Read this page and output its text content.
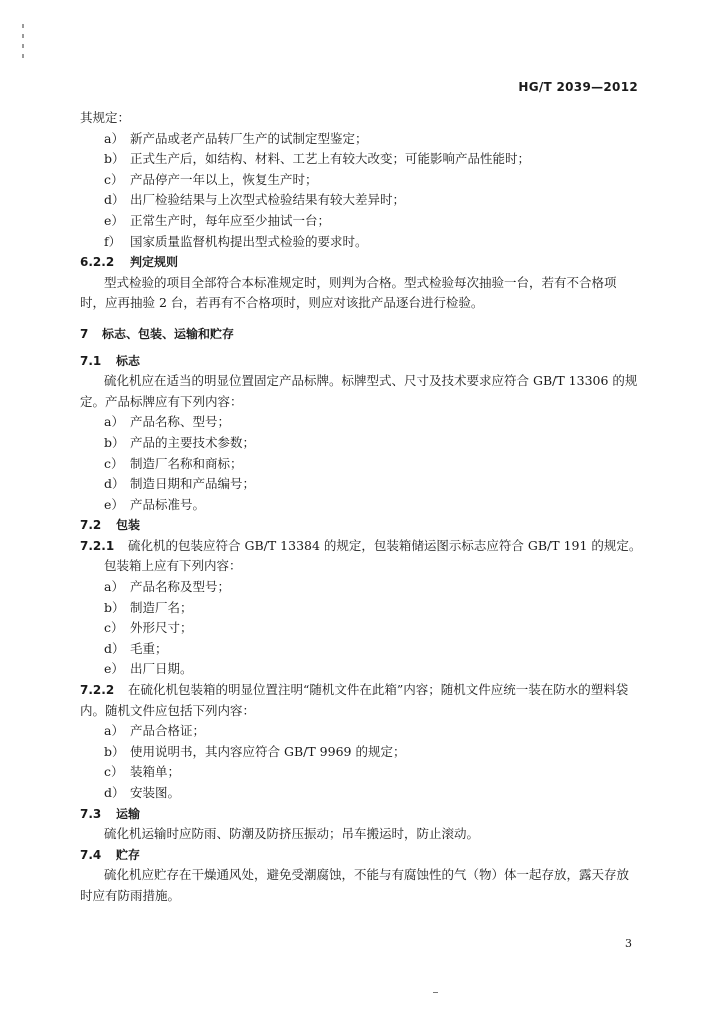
HG/T 2039—2012
其规定：
a） 新产品或老产品转厂生产的试制定型鉴定；
b） 正式生产后，如结构、材料、工艺上有较大改变；可能影响产品性能时；
c） 产品停产一年以上，恢复生产时；
d） 出厂检验结果与上次型式检验结果有较大差异时；
e） 正常生产时，每年应至少抽试一台；
f） 国家质量监督机构提出型式检验的要求时。
6.2.2 判定规则
型式检验的项目全部符合本标准规定时，则判为合格。型式检验每次抽验一台，若有不合格项时，应再抽验 2 台，若再有不合格项时，则应对该批产品逐台进行检验。
7 标志、包装、运输和贮存
7.1 标志
硫化机应在适当的明显位置固定产品标牌。标牌型式、尺寸及技术要求应符合 GB/T 13306 的规定。产品标牌应有下列内容：
a） 产品名称、型号；
b） 产品的主要技术参数；
c） 制造厂名称和商标；
d） 制造日期和产品编号；
e） 产品标准号。
7.2 包装
7.2.1 硫化机的包装应符合 GB/T 13384 的规定，包装箱储运图示标志应符合 GB/T 191 的规定。
包装箱上应有下列内容：
a） 产品名称及型号；
b） 制造厂名；
c） 外形尺寸；
d） 毛重；
e） 出厂日期。
7.2.2 在硫化机包装箱的明显位置注明“随机文件在此箱”内容；随机文件应统一装在防水的塑料袋内。随机文件应包括下列内容：
a） 产品合格证；
b） 使用说明书，其内容应符合 GB/T 9969 的规定；
c） 装箱单；
d） 安装图。
7.3 运输
硫化机运输时应防雨、防潮及防挤压振动；吊车搬运时，防止滚动。
7.4 贮存
硫化机应贮存在干燥通风处，避免受潮腐蚀，不能与有腐蚀性的气（物）体一起存放，露天存放时应有防雨措施。
3
